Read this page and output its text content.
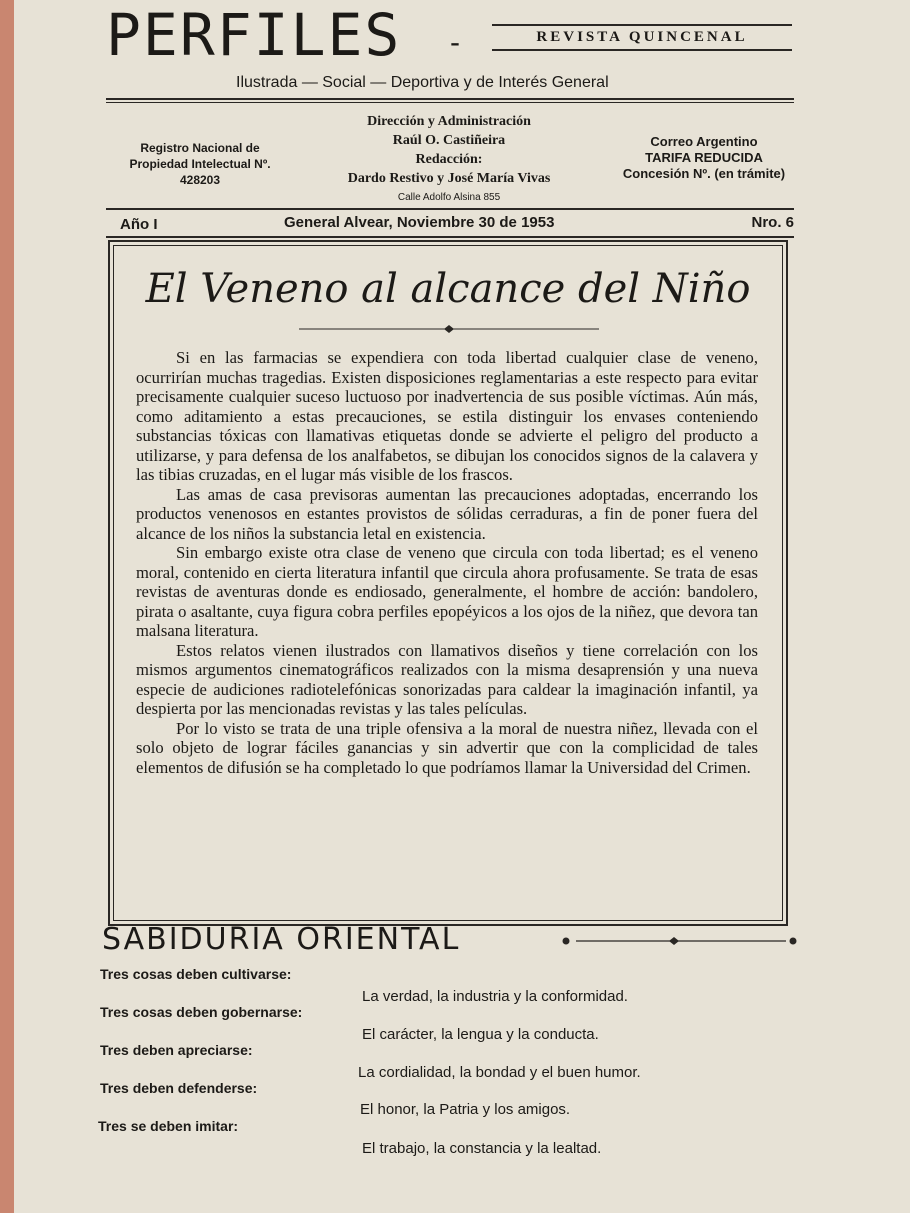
PERFILES -	REVISTA QUINCENAL
Ilustrada — Social — Deportiva y de Interés General
Registro Nacional de
Propiedad Intelectual Nº.
428203
Dirección y Administración
Raúl O. Castiñeira
Redacción:
Dardo Restivo y José María Vivas
Calle Adolfo Alsina 855
Correo Argentino
TARIFA REDUCIDA
Concesión Nº. (en trámite)
Año I	General Alvear, Noviembre 30 de 1953	Nro. 6
El Veneno al alcance del Niño

Si en las farmacias se expendiera con toda libertad cualquier clase de veneno, ocurrirían muchas tragedias. Existen disposiciones reglamentarias a este respecto para evitar precisamente cualquier suceso luctuoso por inadvertencia de sus posible víctimas. Aún más, como aditamiento a estas precauciones, se estila distinguir los envases conteniendo substancias tóxicas con llamativas etiquetas donde se advierte el peligro del producto a utilizarse, y para defensa de los analfabetos, se dibujan los conocidos signos de la calavera y las tibias cruzadas, en el lugar más visible de los frascos.

Las amas de casa previsoras aumentan las precauciones adoptadas, encerrando los productos venenosos en estantes provistos de sólidas cerraduras, a fin de poner fuera del alcance de los niños la substancia letal en existencia.

Sin embargo existe otra clase de veneno que circula con toda libertad; es el veneno moral, contenido en cierta literatura infantil que circula ahora profusamente. Se trata de esas revistas de aventuras donde es endiosado, generalmente, el hombre de acción: bandolero, pirata o asaltante, cuya figura cobra perfiles epopéyicos a los ojos de la niñez, que devora tan malsana literatura.

Estos relatos vienen ilustrados con llamativos diseños y tiene correlación con los mismos argumentos cinematográficos realizados con la misma desaprensión y una nueva especie de audiciones radiotelefónicas sonorizadas para caldear la imaginación infantil, ya despierta por las mencionadas revistas y las tales películas.

Por lo visto se trata de una triple ofensiva a la moral de nuestra niñez, llevada con el solo objeto de lograr fáciles ganancias y sin advertir que con la complicidad de tales elementos de difusión se ha completado lo que podríamos llamar la Universidad del Crimen.

SABIDURIA ORIENTAL
Tres cosas deben cultivarse:
La verdad, la industria y la conformidad.
Tres cosas deben gobernarse:
El carácter, la lengua y la conducta.
Tres deben apreciarse:
La cordialidad, la bondad y el buen humor.
Tres deben defenderse:
El honor, la Patria y los amigos.
Tres se deben imitar:
El trabajo, la constancia y la lealtad.
